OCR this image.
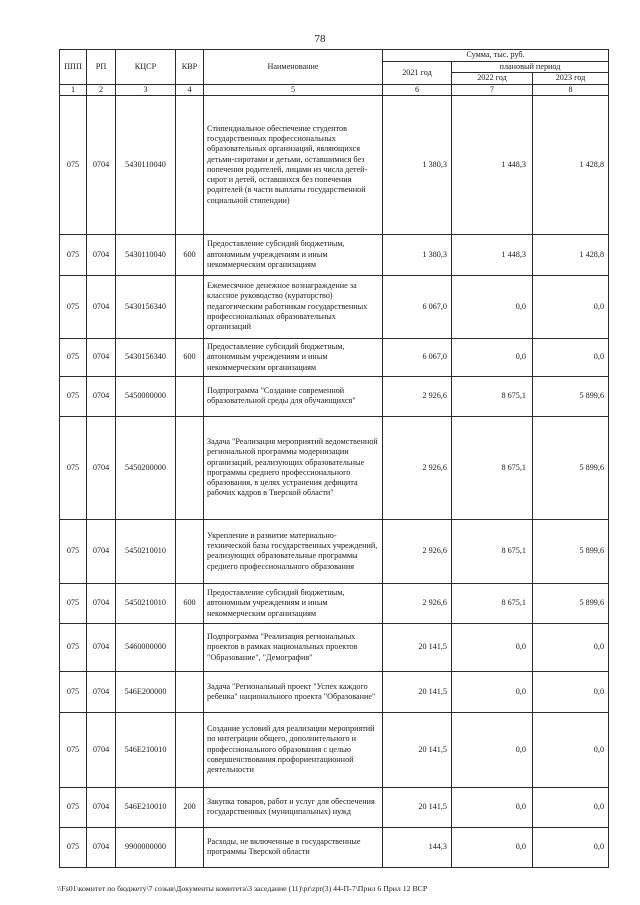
78
ППП	РП	КЦСР	КВР	Наименование	Сумма, тыс. руб.		
					2021 год	плановый период	
						2022 год	2023 год
1	2	3	4	5	6	7	8
075	0704	5430110040		Стипендиальное обеспечение студентов государственных профессиональных образовательных организаций, являющихся детьми-сиротами и детьми, оставшимися без попечения родителей, лицами из числа детей-сирот и детей, оставшихся без попечения родителей (в части выплаты государственной социальной стипендии)	1 380,3	1 448,3	1 428,8
075	0704	5430110040	600	Предоставление субсидий бюджетным, автономным учреждениям и иным некоммерческим организациям	1 380,3	1 448,3	1 428,8
075	0704	5430156340		Ежемесячное денежное вознаграждение за классное руководство (кураторство) педагогическим работникам государственных профессиональных образовательных организаций	6 067,0	0,0	0,0
075	0704	5430156340	600	Предоставление субсидий бюджетным, автономным учреждениям и иным некоммерческим организациям	6 067,0	0,0	0,0
075	0704	5450000000		Подпрограмма "Создание современной образовательной среды для обучающихся"	2 926,6	8 675,1	5 899,6
075	0704	5450200000		Задача "Реализация мероприятий ведомственной региональной программы модернизации организаций, реализующих образовательные программы среднего профессионального образования, в целях устранения дефицита рабочих кадров в Тверской области"	2 926,6	8 675,1	5 899,6
075	0704	5450210010		Укрепление и развитие материально-технической базы государственных учреждений, реализующих образовательные программы среднего профессионального образования	2 926,6	8 675,1	5 899,6
075	0704	5450210010	600	Предоставление субсидий бюджетным, автономным учреждениям и иным некоммерческим организациям	2 926,6	8 675,1	5 899,6
075	0704	5460000000		Подпрограмма "Реализация региональных проектов в рамках национальных проектов "Образование", "Демография"	20 141,5	0,0	0,0
075	0704	546E200000		Задача "Региональный проект "Успех каждого ребенка" национального проекта "Образование"	20 141,5	0,0	0,0
075	0704	546E210010		Создание условий для реализации мероприятий по интеграции общего, дополнительного и профессионального образования с целью совершенствования профориентационной деятельности	20 141,5	0,0	0,0
075	0704	546E210010	200	Закупка товаров, работ и услуг для обеспечения государственных (муниципальных) нужд	20 141,5	0,0	0,0
075	0704	9900000000		Расходы, не включенные в государственные программы Тверской области	144,3	0,0	0,0
\\Fs01\комитет по бюджету\7 созыв\Документы комитета\3 заседание (11)\pr\zpr(3) 44-П-7\Прил 6 Прил 12 ВСР
